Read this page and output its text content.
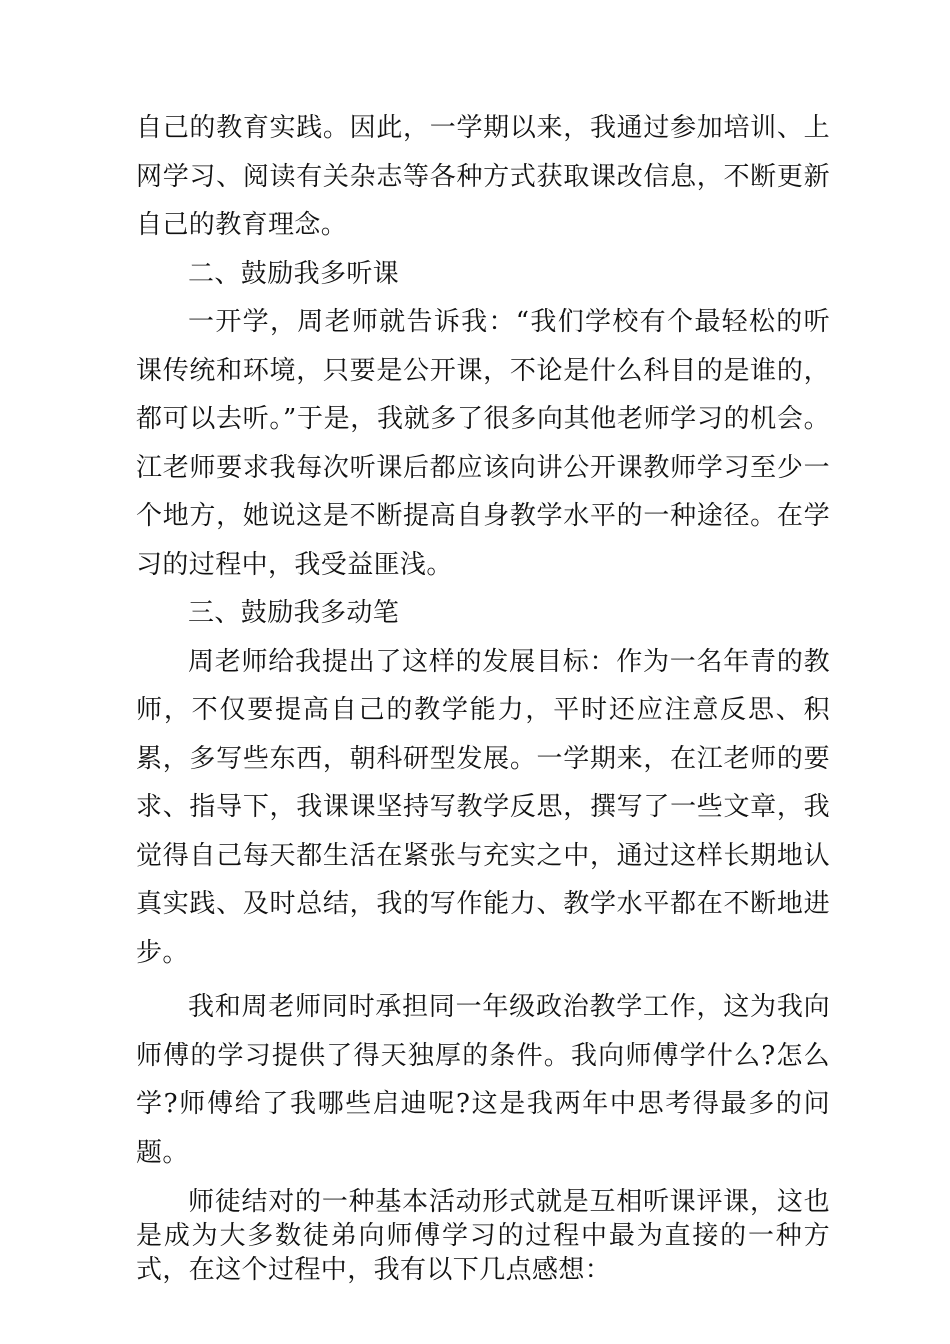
自己的教育实践。因此，一学期以来，我通过参加培训、上网学习、阅读有关杂志等各种方式获取课改信息，不断更新自己的教育理念。

二、鼓励我多听课

一开学，周老师就告诉我：“我们学校有个最轻松的听课传统和环境，只要是公开课，不论是什么科目的是谁的，都可以去听。”于是，我就多了很多向其他老师学习的机会。江老师要求我每次听课后都应该向讲公开课教师学习至少一个地方，她说这是不断提高自身教学水平的一种途径。在学习的过程中，我受益匪浅。

三、鼓励我多动笔

周老师给我提出了这样的发展目标：作为一名年青的教师，不仅要提高自己的教学能力，平时还应注意反思、积累，多写些东西，朝科研型发展。一学期来，在江老师的要求、指导下，我课课坚持写教学反思，撰写了一些文章，我觉得自己每天都生活在紧张与充实之中，通过这样长期地认真实践、及时总结，我的写作能力、教学水平都在不断地进步。

我和周老师同时承担同一年级政治教学工作，这为我向师傅的学习提供了得天独厚的条件。我向师傅学什么?怎么学?师傅给了我哪些启迪呢?这是我两年中思考得最多的问题。

师徒结对的一种基本活动形式就是互相听课评课，这也是成为大多数徒弟向师傅学习的过程中最为直接的一种方式，在这个过程中，我有以下几点感想：
